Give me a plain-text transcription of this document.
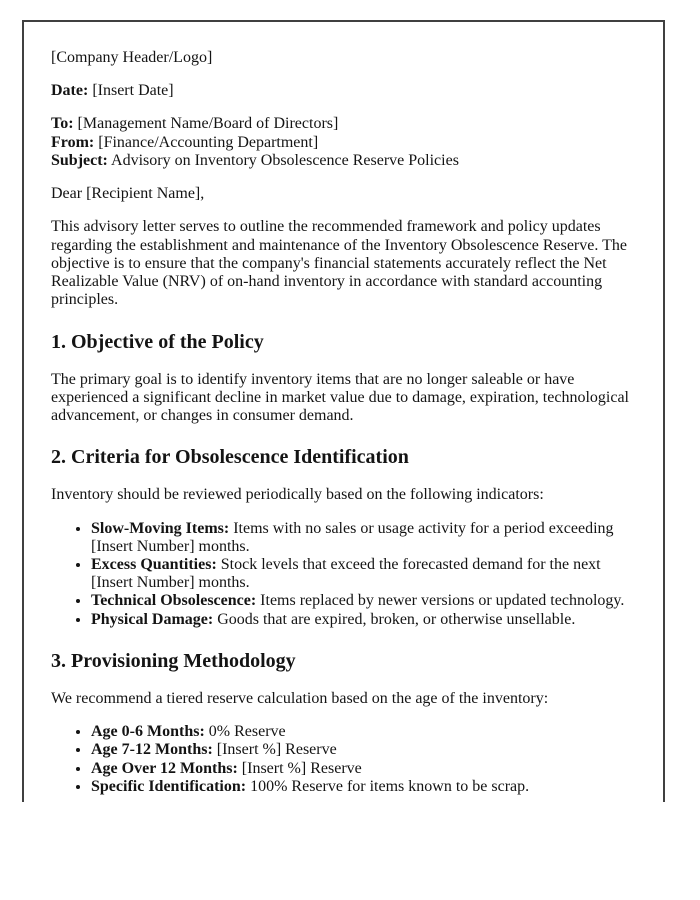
[Company Header/Logo]

Date: [Insert Date]

To: [Management Name/Board of Directors]
From: [Finance/Accounting Department]
Subject: Advisory on Inventory Obsolescence Reserve Policies

Dear [Recipient Name],

This advisory letter serves to outline the recommended framework and policy updates regarding the establishment and maintenance of the Inventory Obsolescence Reserve. The objective is to ensure that the company's financial statements accurately reflect the Net Realizable Value (NRV) of on-hand inventory in accordance with standard accounting principles.

1. Objective of the Policy

The primary goal is to identify inventory items that are no longer saleable or have experienced a significant decline in market value due to damage, expiration, technological advancement, or changes in consumer demand.

2. Criteria for Obsolescence Identification

Inventory should be reviewed periodically based on the following indicators:

• Slow-Moving Items: Items with no sales or usage activity for a period exceeding [Insert Number] months.
• Excess Quantities: Stock levels that exceed the forecasted demand for the next [Insert Number] months.
• Technical Obsolescence: Items replaced by newer versions or updated technology.
• Physical Damage: Goods that are expired, broken, or otherwise unsellable.
3. Provisioning Methodology

We recommend a tiered reserve calculation based on the age of the inventory:

• Age 0-6 Months: 0% Reserve
• Age 7-12 Months: [Insert %] Reserve
• Age Over 12 Months: [Insert %] Reserve
• Specific Identification: 100% Reserve for items known to be scrap.
